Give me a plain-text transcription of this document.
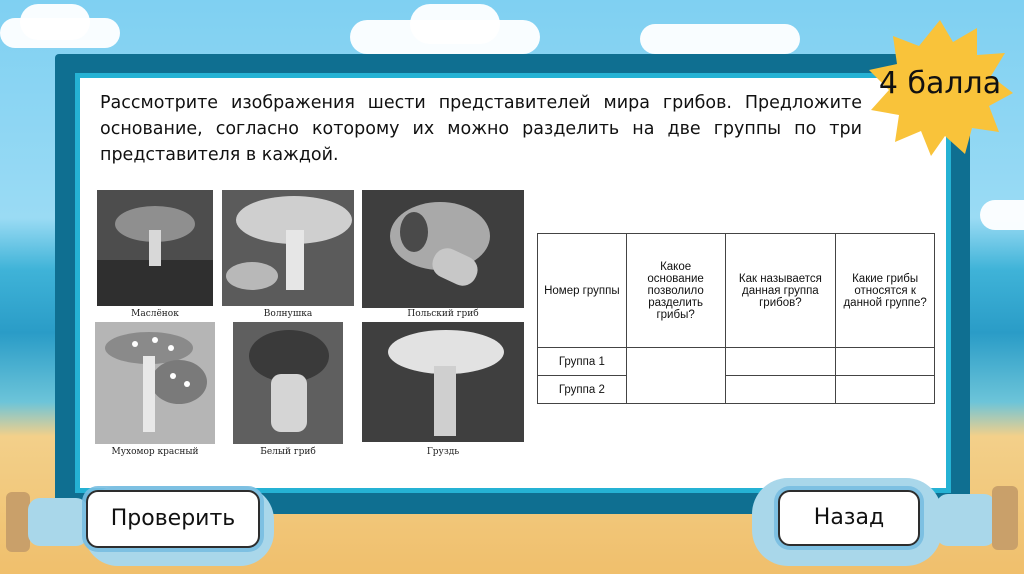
Рассмотрите изображения шести представителей мира грибов. Предложите основание, согласно которому их можно разделить на две группы по три представителя в каждой.

4 балла
Маслёнок	Волнушка	Польский гриб
Мухомор красный	Белый гриб	Груздь
Номер группы	Какое основание позволило разделить грибы?	Как называется данная группа грибов?	Какие грибы относятся к данной группе?
Группа 1			
Группа 2			
Проверить	Назад
